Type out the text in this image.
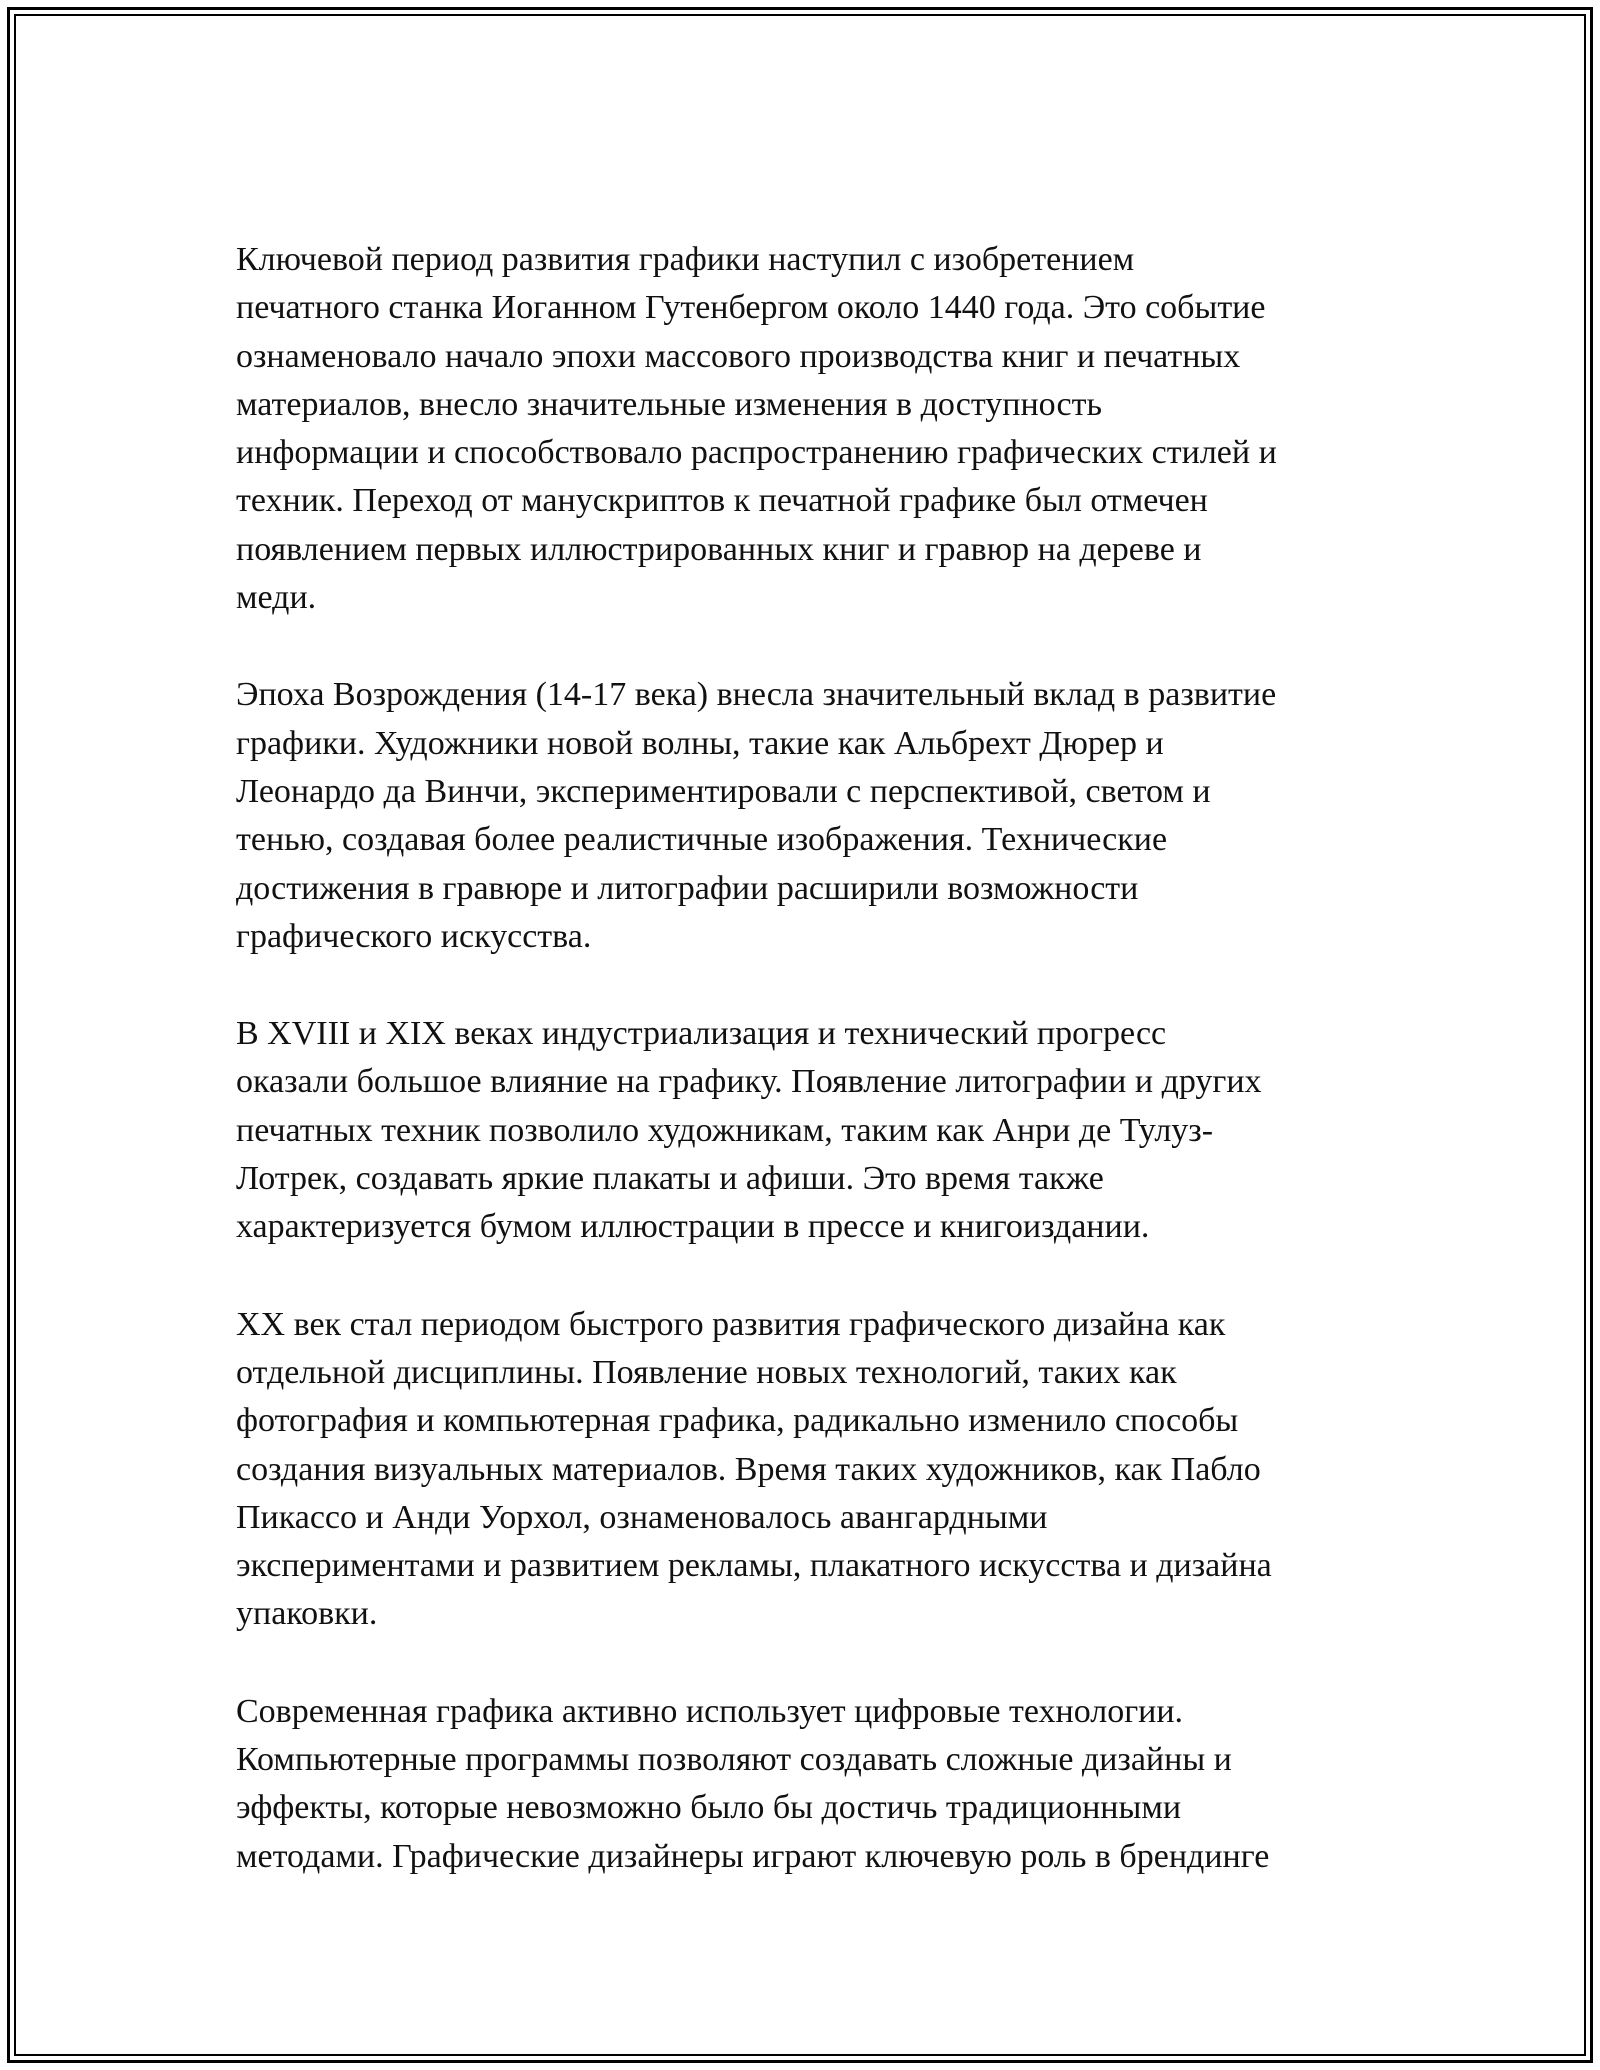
Ключевой период развития графики наступил с изобретением
печатного станка Иоганном Гутенбергом около 1440 года. Это событие
ознаменовало начало эпохи массового производства книг и печатных
материалов, внесло значительные изменения в доступность
информации и способствовало распространению графических стилей и
техник. Переход от манускриптов к печатной графике был отмечен
появлением первых иллюстрированных книг и гравюр на дереве и
меди.

Эпоха Возрождения (14-17 века) внесла значительный вклад в развитие
графики. Художники новой волны, такие как Альбрехт Дюрер и
Леонардо да Винчи, экспериментировали с перспективой, светом и
тенью, создавая более реалистичные изображения. Технические
достижения в гравюре и литографии расширили возможности
графического искусства.

В XVIII и XIX веках индустриализация и технический прогресс
оказали большое влияние на графику. Появление литографии и других
печатных техник позволило художникам, таким как Анри де Тулуз-
Лотрек, создавать яркие плакаты и афиши. Это время также
характеризуется бумом иллюстрации в прессе и книгоиздании.

XX век стал периодом быстрого развития графического дизайна как
отдельной дисциплины. Появление новых технологий, таких как
фотография и компьютерная графика, радикально изменило способы
создания визуальных материалов. Время таких художников, как Пабло
Пикассо и Анди Уорхол, ознаменовалось авангардными
экспериментами и развитием рекламы, плакатного искусства и дизайна
упаковки.

Современная графика активно использует цифровые технологии.
Компьютерные программы позволяют создавать сложные дизайны и
эффекты, которые невозможно было бы достичь традиционными
методами. Графические дизайнеры играют ключевую роль в брендинге
